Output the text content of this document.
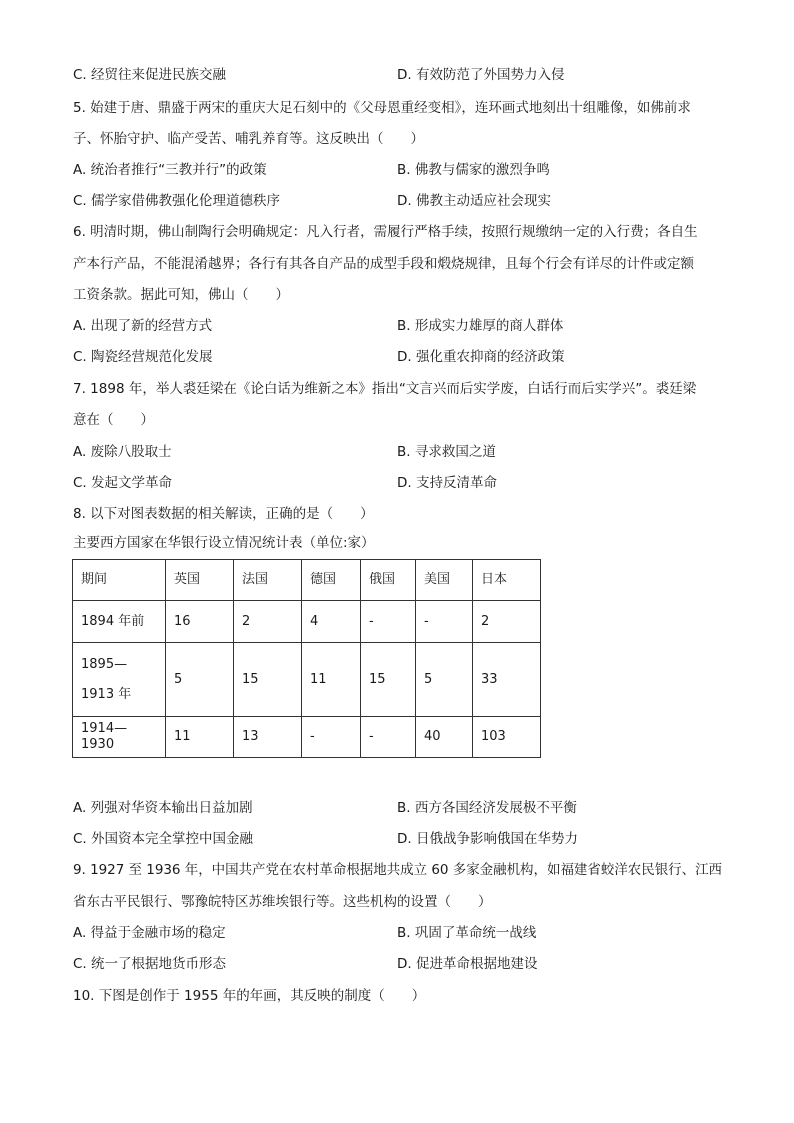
C. 经贸往来促进民族交融	D. 有效防范了外国势力入侵
5. 始建于唐、鼎盛于两宋的重庆大足石刻中的《父母恩重经变相》，连环画式地刻出十组雕像，如佛前求
子、怀胎守护、临产受苦、哺乳养育等。这反映出（　　）
A. 统治者推行“三教并行”的政策	B. 佛教与儒家的激烈争鸣
C. 儒学家借佛教强化伦理道德秩序	D. 佛教主动适应社会现实
6. 明清时期，佛山制陶行会明确规定：凡入行者，需履行严格手续，按照行规缴纳一定的入行费；各自生
产本行产品，不能混淆越界；各行有其各自产品的成型手段和煅烧规律，且每个行会有详尽的计件或定额
工资条款。据此可知，佛山（　　）
A. 出现了新的经营方式	B. 形成实力雄厚的商人群体
C. 陶瓷经营规范化发展	D. 强化重农抑商的经济政策
7. 1898 年，举人裘廷梁在《论白话为维新之本》指出“文言兴而后实学废，白话行而后实学兴”。裘廷梁
意在（　　）
A. 废除八股取士	B. 寻求救国之道
C. 发起文学革命	D. 支持反清革命
8. 以下对图表数据的相关解读，正确的是（　　）
主要西方国家在华银行设立情况统计表（单位:家）
期间	英国	法国	德国	俄国	美国	日本
1894 年前	16	2	4	-	-	2
1895—1913 年	5	15	11	15	5	33
1914—1930	11	13	-	-	40	103
A. 列强对华资本输出日益加剧	B. 西方各国经济发展极不平衡
C. 外国资本完全掌控中国金融	D. 日俄战争影响俄国在华势力
9. 1927 至 1936 年，中国共产党在农村革命根据地共成立 60 多家金融机构，如福建省蛟洋农民银行、江西
省东古平民银行、鄂豫皖特区苏维埃银行等。这些机构的设置（　　）
A. 得益于金融市场的稳定	B. 巩固了革命统一战线
C. 统一了根据地货币形态	D. 促进革命根据地建设
10. 下图是创作于 1955 年的年画，其反映的制度（　　）
